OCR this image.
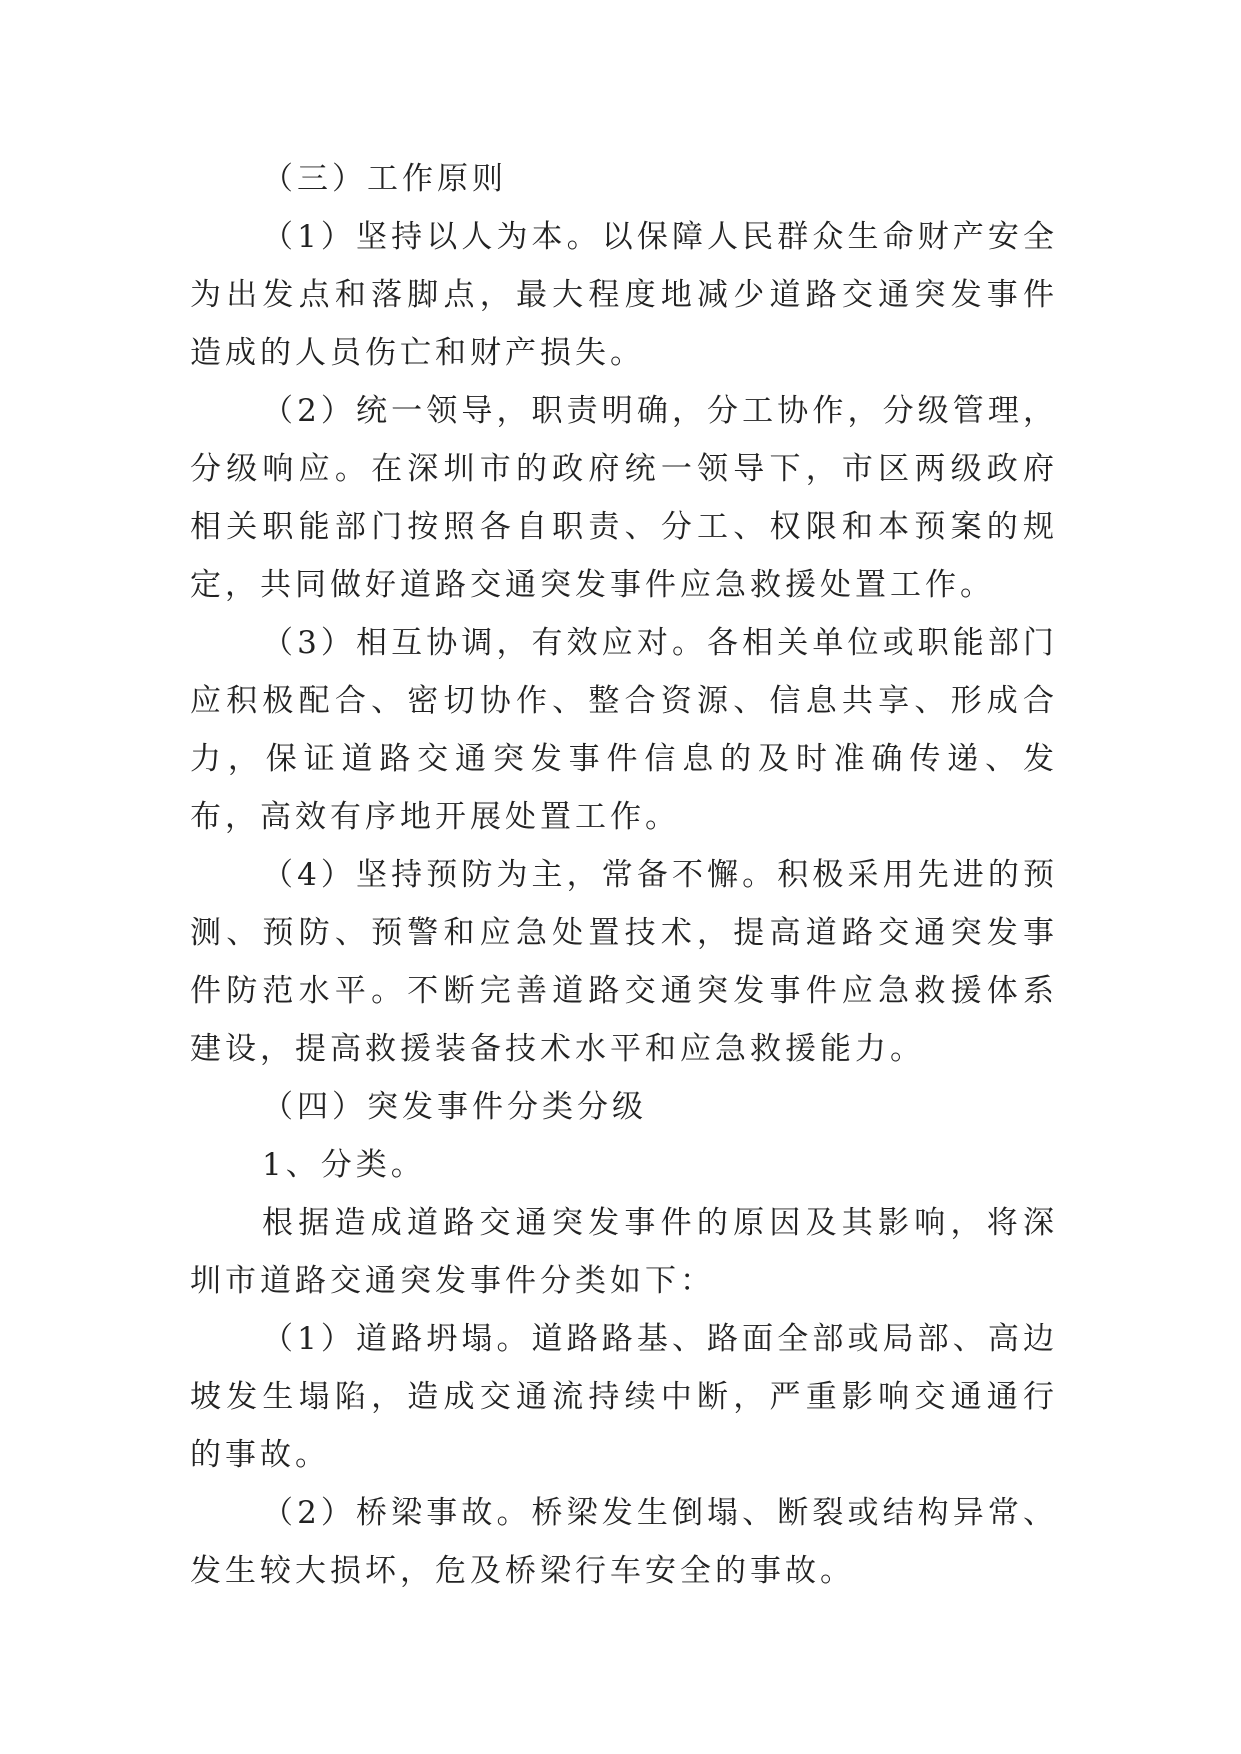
（三）工作原则

（1）坚持以人为本。以保障人民群众生命财产安全为出发点和落脚点，最大程度地减少道路交通突发事件造成的人员伤亡和财产损失。

（2）统一领导，职责明确，分工协作，分级管理，分级响应。在深圳市的政府统一领导下，市区两级政府相关职能部门按照各自职责、分工、权限和本预案的规定，共同做好道路交通突发事件应急救援处置工作。

（3）相互协调，有效应对。各相关单位或职能部门应积极配合、密切协作、整合资源、信息共享、形成合力，保证道路交通突发事件信息的及时准确传递、发布，高效有序地开展处置工作。

（4）坚持预防为主，常备不懈。积极采用先进的预测、预防、预警和应急处置技术，提高道路交通突发事件防范水平。不断完善道路交通突发事件应急救援体系建设，提高救援装备技术水平和应急救援能力。

（四）突发事件分类分级

1、分类。

根据造成道路交通突发事件的原因及其影响，将深圳市道路交通突发事件分类如下：

（1）道路坍塌。道路路基、路面全部或局部、高边坡发生塌陷，造成交通流持续中断，严重影响交通通行的事故。

（2）桥梁事故。桥梁发生倒塌、断裂或结构异常、发生较大损坏，危及桥梁行车安全的事故。
